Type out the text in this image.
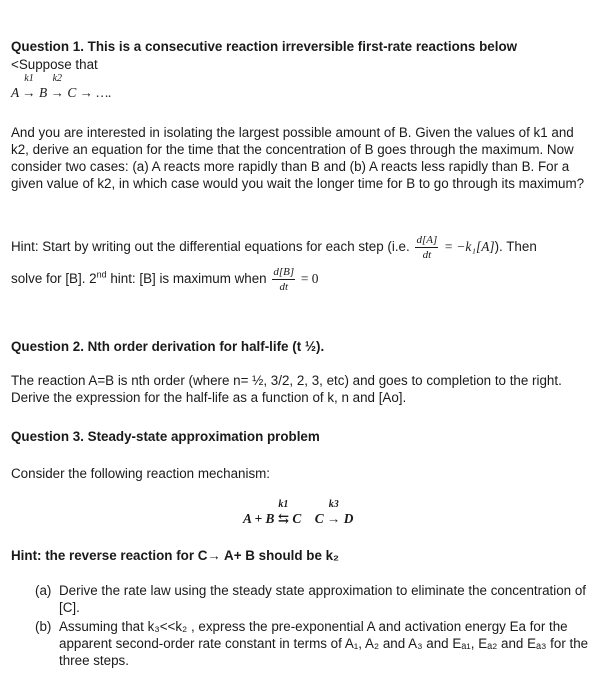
Question 1. This is a consecutive reaction irreversible first-rate reactions below

<Suppose that

A
k1
→ B
k2
→ C → ….

And you are interested in isolating the largest possible amount of B. Given the values of k1 and k2, derive an equation for the time that the concentration of B goes through the maximum. Now consider two cases: (a) A reacts more rapidly than B and (b) A reacts less rapidly than B. For a given value of k2, in which case would you wait the longer time for B to go through its maximum?

Hint: Start by writing out the differential equations for each step (i.e. $\frac{d[A]}{dt} = -k_1[A]$). Then
solve for [B]. 2nd hint: [B] is maximum when $\frac{d[B]}{dt} = 0$

Question 2. Nth order derivation for half-life (t ½).

The reaction A=B is nth order (where n= ½, 3/2, 2, 3, etc) and goes to completion to the right. Derive the expression for the half-life as a function of k, n and [Ao].

Question 3. Steady-state approximation problem

Consider the following reaction mechanism:

A + B
k1
⇆ C C
k3
→ D

Hint: the reverse reaction for C→ A+ B should be k₂

(a) Derive the rate law using the steady state approximation to eliminate the concentration of [C].
(b) Assuming that k₃<<k₂ , express the pre-exponential A and activation energy Ea for the apparent second-order rate constant in terms of A₁, A₂ and A₃ and Eₐ₁, Eₐ₂ and Eₐ₃ for the three steps.
